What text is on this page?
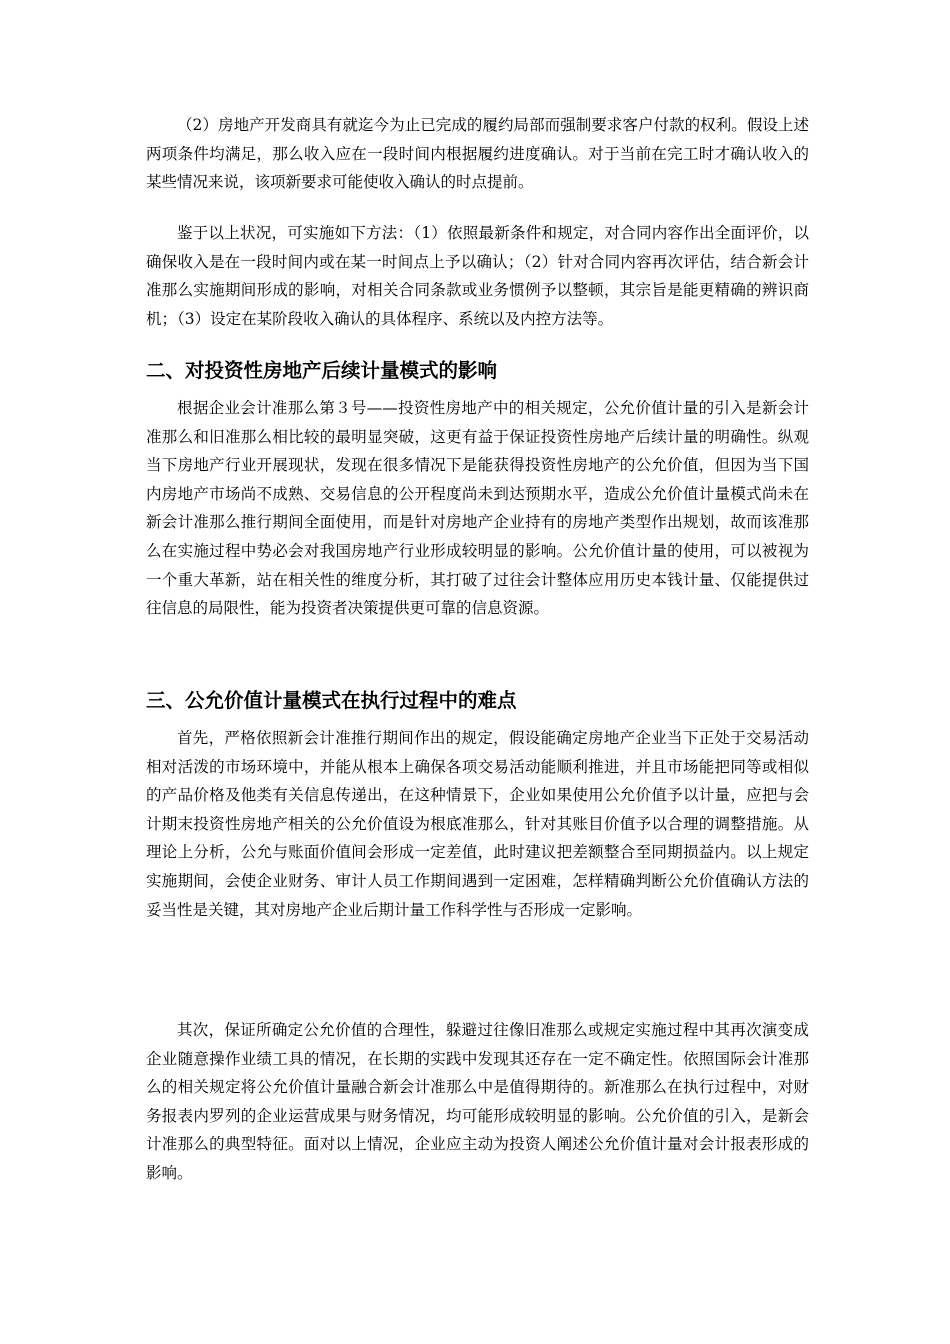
（2）房地产开发商具有就迄今为止已完成的履约局部而强制要求客户付款的权利。假设上述两项条件均满足，那么收入应在一段时间内根据履约进度确认。对于当前在完工时才确认收入的某些情况来说，该项新要求可能使收入确认的时点提前。

鉴于以上状况，可实施如下方法：（1）依照最新条件和规定，对合同内容作出全面评价，以确保收入是在一段时间内或在某一时间点上予以确认；（2）针对合同内容再次评估，结合新会计准那么实施期间形成的影响，对相关合同条款或业务惯例予以整顿，其宗旨是能更精确的辨识商机；（3）设定在某阶段收入确认的具体程序、系统以及内控方法等。

二、对投资性房地产后续计量模式的影响

根据企业会计准那么第３号——投资性房地产中的相关规定，公允价值计量的引入是新会计准那么和旧准那么相比较的最明显突破，这更有益于保证投资性房地产后续计量的明确性。纵观当下房地产行业开展现状，发现在很多情况下是能获得投资性房地产的公允价值，但因为当下国内房地产市场尚不成熟、交易信息的公开程度尚未到达预期水平，造成公允价值计量模式尚未在新会计准那么推行期间全面使用，而是针对房地产企业持有的房地产类型作出规划，故而该准那么在实施过程中势必会对我国房地产行业形成较明显的影响。公允价值计量的使用，可以被视为一个重大革新，站在相关性的维度分析，其打破了过往会计整体应用历史本钱计量、仅能提供过往信息的局限性，能为投资者决策提供更可靠的信息资源。

三、公允价值计量模式在执行过程中的难点

首先，严格依照新会计准推行期间作出的规定，假设能确定房地产企业当下正处于交易活动相对活泼的市场环境中，并能从根本上确保各项交易活动能顺利推进，并且市场能把同等或相似的产品价格及他类有关信息传递出，在这种情景下，企业如果使用公允价值予以计量，应把与会计期末投资性房地产相关的公允价值设为根底准那么，针对其账目价值予以合理的调整措施。从理论上分析，公允与账面价值间会形成一定差值，此时建议把差额整合至同期损益内。以上规定实施期间，会使企业财务、审计人员工作期间遇到一定困难，怎样精确判断公允价值确认方法的妥当性是关键，其对房地产企业后期计量工作科学性与否形成一定影响。

其次，保证所确定公允价值的合理性，躲避过往像旧准那么或规定实施过程中其再次演变成企业随意操作业绩工具的情况，在长期的实践中发现其还存在一定不确定性。依照国际会计准那么的相关规定将公允价值计量融合新会计准那么中是值得期待的。新准那么在执行过程中，对财务报表内罗列的企业运营成果与财务情况，均可能形成较明显的影响。公允价值的引入，是新会计准那么的典型特征。面对以上情况，企业应主动为投资人阐述公允价值计量对会计报表形成的影响。
